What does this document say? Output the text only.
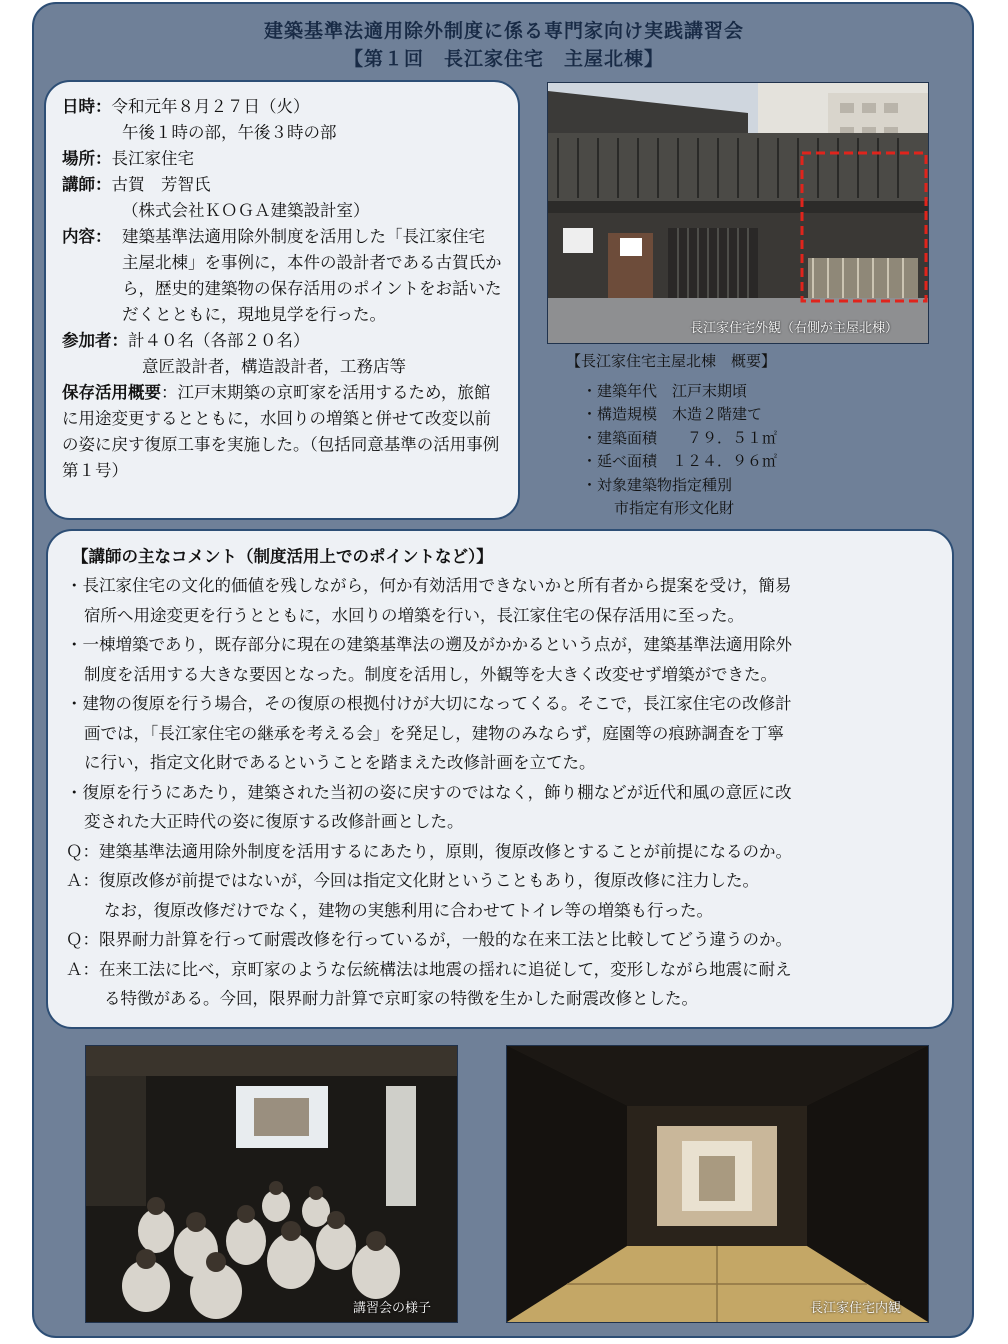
建築基準法適用除外制度に係る専門家向け実践講習会
【第１回　長江家住宅　主屋北棟】
日時：令和元年８月２７日（火）
午後１時の部，午後３時の部
場所：長江家住宅
講師：古賀　芳智氏
（株式会社ＫＯＧＡ建築設計室）
内容： 建築基準法適用除外制度を活用した「長江家住宅　主屋北棟」を事例に，本件の設計者である古賀氏から，歴史的建築物の保存活用のポイントをお話いただくとともに，現地見学を行った。
参加者：計４０名（各部２０名）
意匠設計者，構造設計者，工務店等
保存活用概要：江戸末期築の京町家を活用するため，旅館に用途変更するとともに，水回りの増築と併せて改変以前の姿に戻す復原工事を実施した。（包括同意基準の活用事例第１号）
長江家住宅外観（右側が主屋北棟）
【長江家住宅主屋北棟　概要】
・建築年代　江戸末期頃
・構造規模　木造２階建て
・建築面積　　７９．５１㎡
・延べ面積　１２４．９６㎡
・対象建築物指定種別
市指定有形文化財
【講師の主なコメント（制度活用上でのポイントなど）】
・長江家住宅の文化的価値を残しながら，何か有効活用できないかと所有者から提案を受け，簡易
宿所へ用途変更を行うとともに，水回りの増築を行い，長江家住宅の保存活用に至った。
・一棟増築であり，既存部分に現在の建築基準法の遡及がかかるという点が，建築基準法適用除外
制度を活用する大きな要因となった。制度を活用し，外観等を大きく改変せず増築ができた。
・建物の復原を行う場合，その復原の根拠付けが大切になってくる。そこで，長江家住宅の改修計
画では，「長江家住宅の継承を考える会」を発足し，建物のみならず，庭園等の痕跡調査を丁寧
に行い，指定文化財であるということを踏まえた改修計画を立てた。
・復原を行うにあたり，建築された当初の姿に戻すのではなく，飾り棚などが近代和風の意匠に改
変された大正時代の姿に復原する改修計画とした。
Ｑ：建築基準法適用除外制度を活用するにあたり，原則，復原改修とすることが前提になるのか。
Ａ：復原改修が前提ではないが，今回は指定文化財ということもあり，復原改修に注力した。
なお，復原改修だけでなく，建物の実態利用に合わせてトイレ等の増築も行った。
Ｑ：限界耐力計算を行って耐震改修を行っているが，一般的な在来工法と比較してどう違うのか。
Ａ：在来工法に比べ，京町家のような伝統構法は地震の揺れに追従して，変形しながら地震に耐え
る特徴がある。今回，限界耐力計算で京町家の特徴を生かした耐震改修とした。
講習会の様子	長江家住宅内観
